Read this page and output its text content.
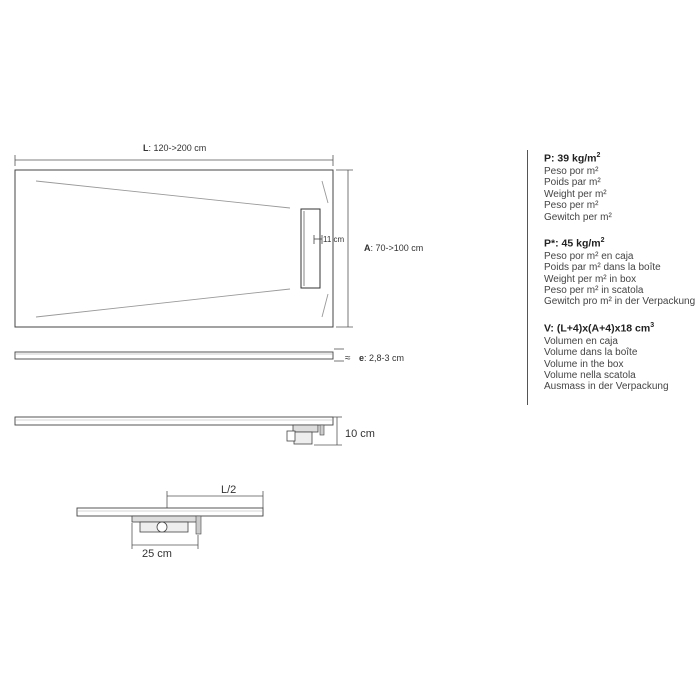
L: 120->200 cm
11 cm
A: 70->100 cm
≈ e: 2,8-3 cm
10 cm
L/2
25 cm
P: 39 $kg/m^2$
Peso por m²
Poids par m²
Weight per m²
Peso per m²
Gewitch per m²
P*: 45 $kg/m^2$
Peso por m² en caja
Poids par m² dans la boîte
Weight per m² in box
Peso per m² in scatola
Gewitch pro m² in der Verpackung
V: (L+4)x(A+4)x18 $cm^3$
Volumen en caja
Volume dans la boîte
Volume in the box
Volume nella scatola
Ausmass in der Verpackung
